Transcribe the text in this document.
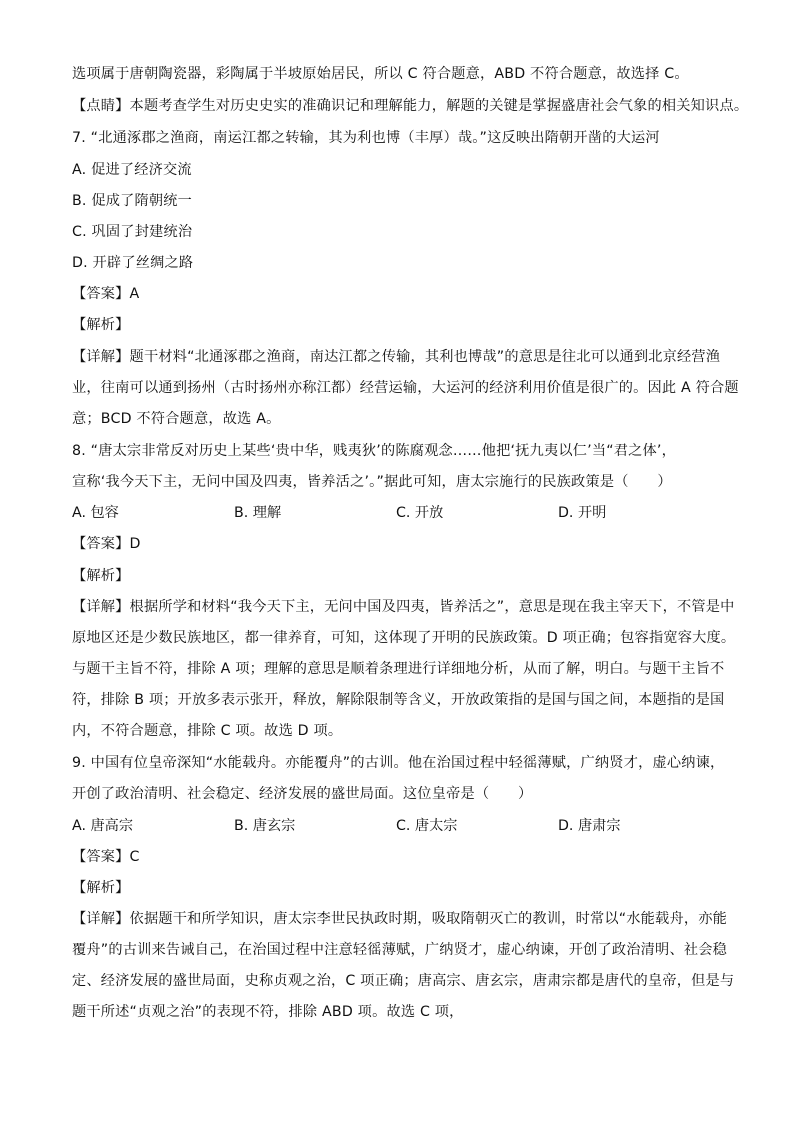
选项属于唐朝陶瓷器，彩陶属于半坡原始居民，所以 C 符合题意，ABD 不符合题意，故选择 C。
【点睛】本题考查学生对历史史实的准确识记和理解能力，解题的关键是掌握盛唐社会气象的相关知识点。
7. “北通涿郡之渔商，南运江都之转输，其为利也博（丰厚）哉。”这反映出隋朝开凿的大运河
A. 促进了经济交流
B. 促成了隋朝统一
C. 巩固了封建统治
D. 开辟了丝绸之路
【答案】A
【解析】
【详解】题干材料“北通涿郡之渔商，南达江都之传输，其利也博哉”的意思是往北可以通到北京经营渔
业，往南可以通到扬州（古时扬州亦称江都）经营运输，大运河的经济利用价值是很广的。因此 A 符合题
意；BCD 不符合题意，故选 A。
8. “唐太宗非常反对历史上某些‘贵中华，贱夷狄’的陈腐观念……他把‘抚九夷以仁’当“君之体’，
宣称‘我今天下主，无问中国及四夷，皆养活之’。”据此可知，唐太宗施行的民族政策是（　　）
A. 包容	B. 理解	C. 开放	D. 开明
【答案】D
【解析】
【详解】根据所学和材料“我今天下主，无问中国及四夷，皆养活之”，意思是现在我主宰天下，不管是中
原地区还是少数民族地区，都一律养育，可知，这体现了开明的民族政策。D 项正确；包容指宽容大度。
与题干主旨不符，排除 A 项；理解的意思是顺着条理进行详细地分析，从而了解，明白。与题干主旨不
符，排除 B 项；开放多表示张开，释放，解除限制等含义，开放政策指的是国与国之间，本题指的是国
内，不符合题意，排除 C 项。故选 D 项。
9. 中国有位皇帝深知“水能载舟。亦能覆舟”的古训。他在治国过程中轻徭薄赋，广纳贤才，虚心纳谏，
开创了政治清明、社会稳定、经济发展的盛世局面。这位皇帝是（　　）
A. 唐高宗	B. 唐玄宗	C. 唐太宗	D. 唐肃宗
【答案】C
【解析】
【详解】依据题干和所学知识，唐太宗李世民执政时期，吸取隋朝灭亡的教训，时常以“水能载舟，亦能
覆舟”的古训来告诫自己，在治国过程中注意轻徭薄赋，广纳贤才，虚心纳谏，开创了政治清明、社会稳
定、经济发展的盛世局面，史称贞观之治，C 项正确；唐高宗、唐玄宗，唐肃宗都是唐代的皇帝，但是与
题干所述“贞观之治”的表现不符，排除 ABD 项。故选 C 项，
